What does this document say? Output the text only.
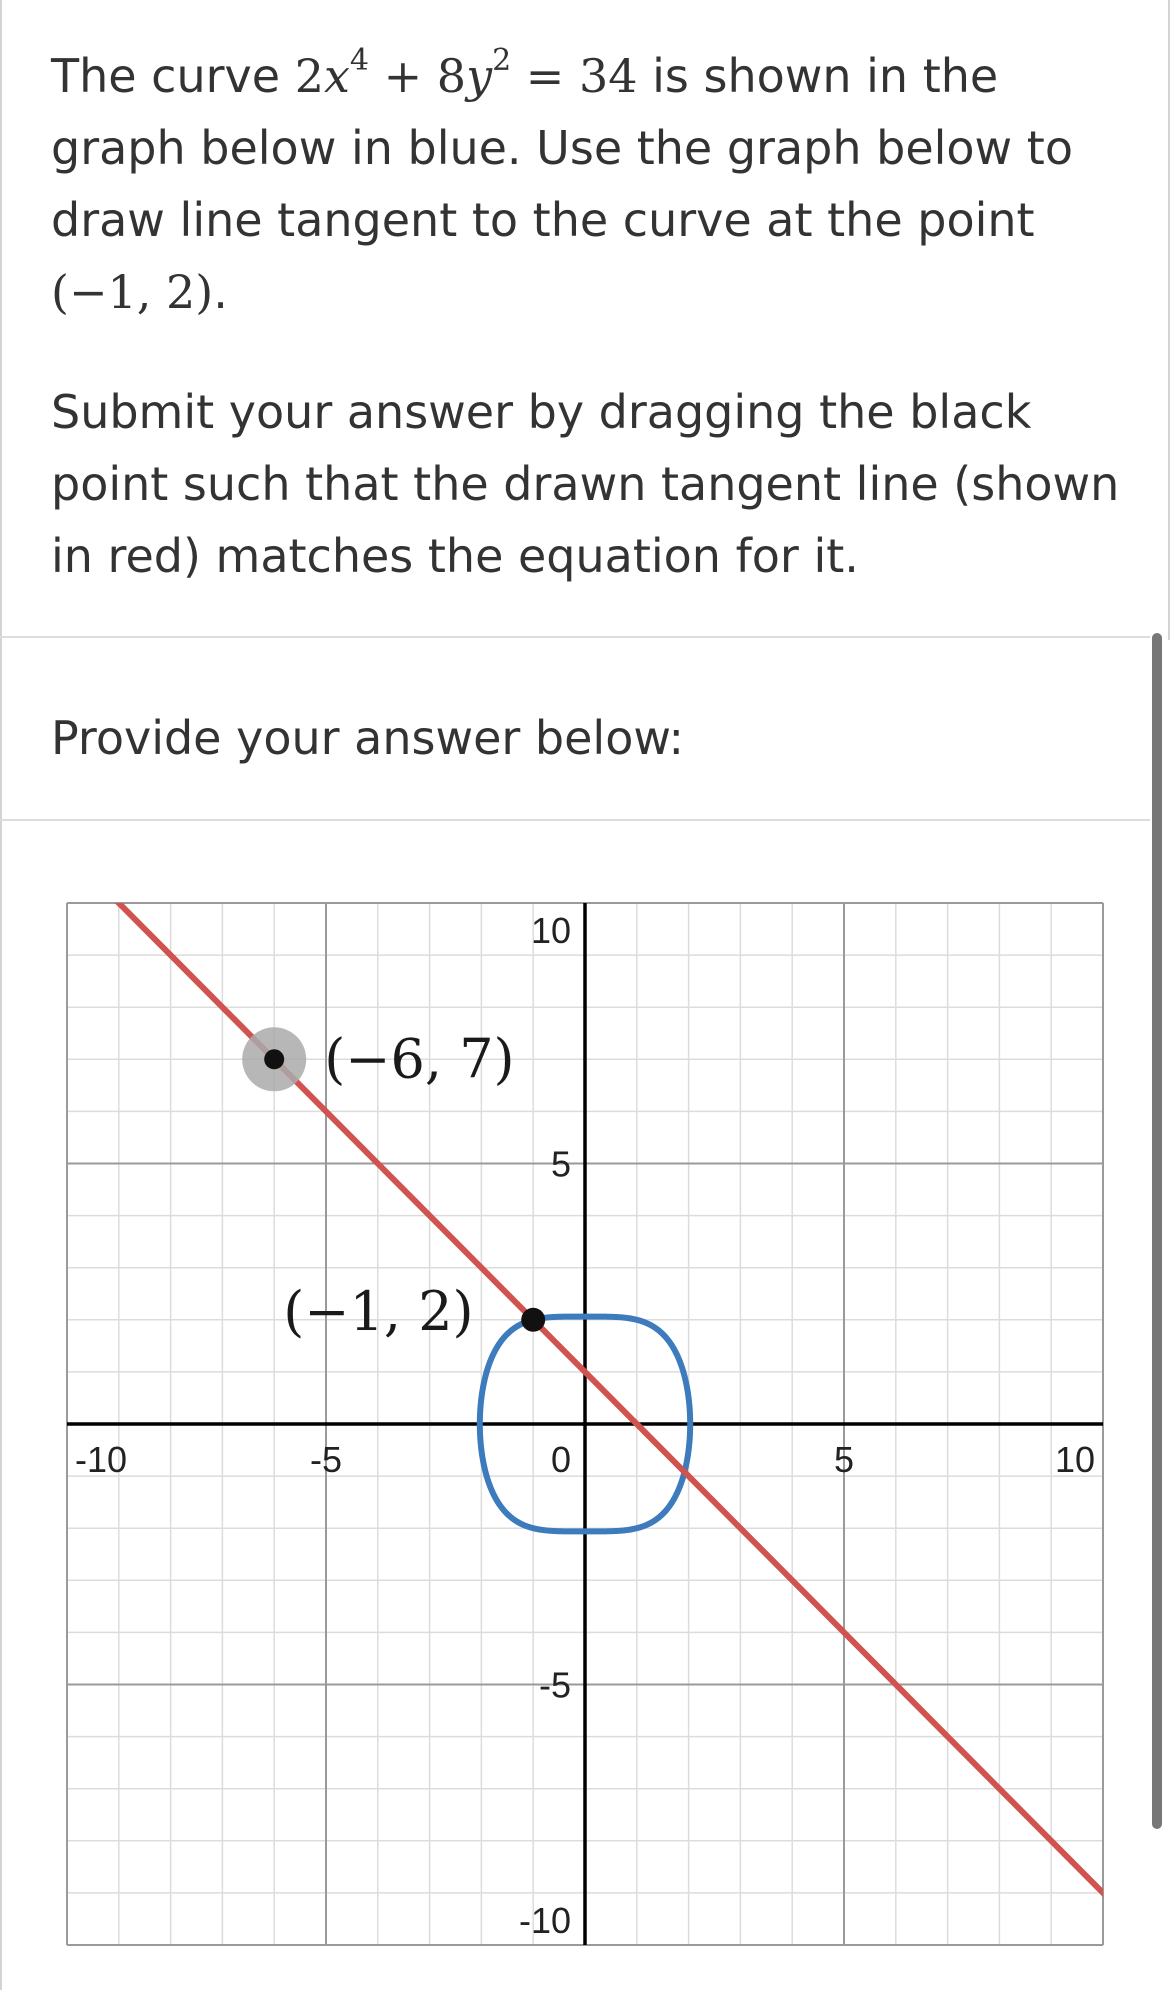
The curve $2x^4 + 8y^2 = 34$ is shown in the graph below in blue. Use the graph below to draw line tangent to the curve at the point (−1, 2).

Submit your answer by dragging the black point such that the drawn tangent line (shown in red) matches the equation for it.

Provide your answer below:
-10	-5	0	5	10
10
5
-5
-10
(−6, 7)
(−1, 2)
